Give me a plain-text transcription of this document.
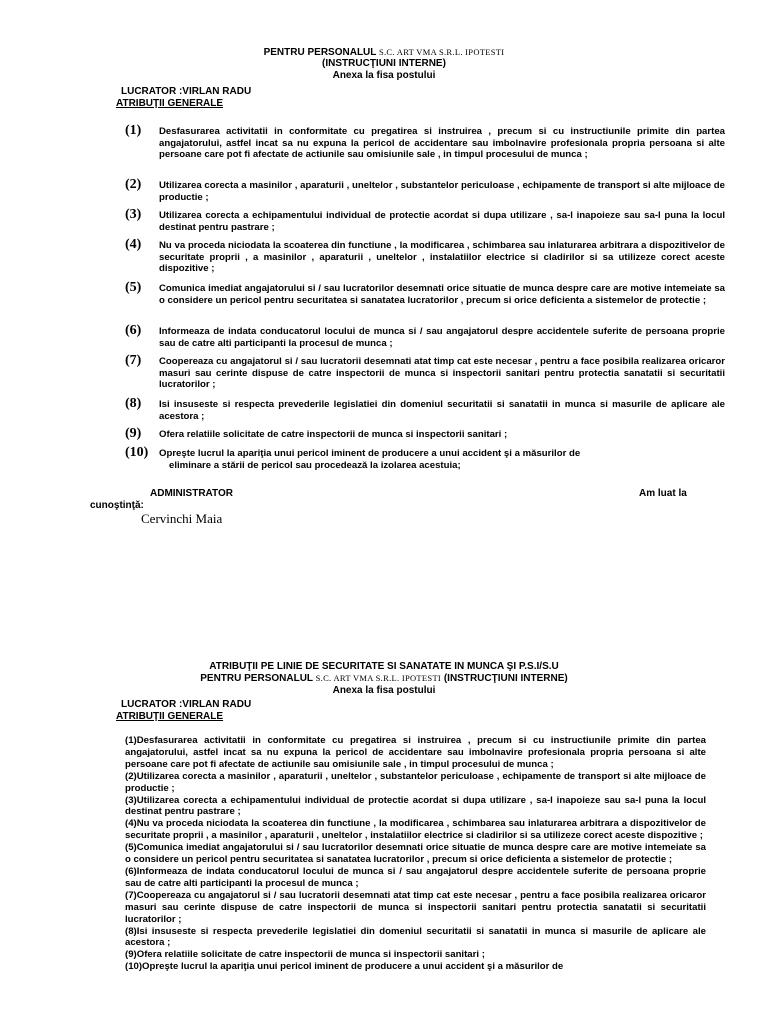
PENTRU PERSONALUL S.C. ART VMA S.R.L. IPOTESTI
(INSTRUCŢIUNI INTERNE)
Anexa la fisa postului
LUCRATOR :VIRLAN RADU
ATRIBUŢII GENERALE
(1)	Desfasurarea activitatii in conformitate cu pregatirea si instruirea , precum si cu instructiunile primite din partea angajatorului, astfel incat sa nu expuna la pericol de accidentare sau imbolnavire profesionala propria persoana si alte persoane care pot fi afectate de actiunile sau omisiunile sale , in timpul procesului de munca ;
(2)	Utilizarea corecta a masinilor , aparaturii , uneltelor , substantelor periculoase , echipamente de transport si alte mijloace de productie ;
(3)	Utilizarea corecta a echipamentului individual de protectie acordat si dupa utilizare , sa-l inapoieze sau sa-l puna la locul destinat pentru pastrare ;
(4)	Nu va proceda niciodata la scoaterea din functiune , la modificarea , schimbarea sau inlaturarea arbitrara a dispozitivelor de securitate proprii , a masinilor , aparaturii , uneltelor , instalatiilor electrice si cladirilor si sa utilizeze corect aceste dispozitive ;
(5)	Comunica imediat angajatorului si / sau lucratorilor desemnati orice situatie de munca despre care are motive intemeiate sa o considere un pericol pentru securitatea si sanatatea lucratorilor , precum si orice deficienta a sistemelor de protectie ;
(6)	Informeaza de indata conducatorul locului de munca si / sau angajatorul despre accidentele suferite de persoana proprie sau de catre alti participanti la procesul de munca ;
(7)	Coopereaza cu angajatorul si / sau lucratorii desemnati atat timp cat este necesar , pentru a face posibila realizarea oricaror masuri sau cerinte dispuse de catre inspectorii de munca si inspectorii sanitari pentru protectia sanatatii si securitatii lucratorilor ;
(8)	Isi insuseste si respecta prevederile legislatiei din domeniul securitatii si sanatatii in munca si masurile de aplicare ale acestora ;
(9)	Ofera relatiile solicitate de catre inspectorii de munca si inspectorii sanitari ;
(10)	Opreşte lucrul la apariţia unui pericol iminent de producere a unui accident şi a măsurilor de
eliminare a stării de pericol sau procedează la izolarea acestuia;
ADMINISTRATOR	Am luat la
cunoştinţă:
Cervinchi Maia
ATRIBUŢII PE LINIE DE SECURITATE SI SANATATE IN MUNCA ŞI P.S.I/S.U
PENTRU PERSONALUL S.C. ART VMA S.R.L. IPOTESTI (INSTRUCŢIUNI INTERNE)
Anexa la fisa postului
LUCRATOR :VIRLAN RADU
ATRIBUŢII GENERALE

(1)Desfasurarea activitatii in conformitate cu pregatirea si instruirea , precum si cu instructiunile primite din partea angajatorului, astfel incat sa nu expuna la pericol de accidentare sau imbolnavire profesionala propria persoana si alte persoane care pot fi afectate de actiunile sau omisiunile sale , in timpul procesului de munca ;

(2)Utilizarea corecta a masinilor , aparaturii , uneltelor , substantelor periculoase , echipamente de transport si alte mijloace de productie ;

(3)Utilizarea corecta a echipamentului individual de protectie acordat si dupa utilizare , sa-l inapoieze sau sa-l puna la locul destinat pentru pastrare ;

(4)Nu va proceda niciodata la scoaterea din functiune , la modificarea , schimbarea sau inlaturarea arbitrara a dispozitivelor de securitate proprii , a masinilor , aparaturii , uneltelor , instalatiilor electrice si cladirilor si sa utilizeze corect aceste dispozitive ;

(5)Comunica imediat angajatorului si / sau lucratorilor desemnati orice situatie de munca despre care are motive intemeiate sa o considere un pericol pentru securitatea si sanatatea lucratorilor , precum si orice deficienta a sistemelor de protectie ;

(6)Informeaza de indata conducatorul locului de munca si / sau angajatorul despre accidentele suferite de persoana proprie sau de catre alti participanti la procesul de munca ;

(7)Coopereaza cu angajatorul si / sau lucratorii desemnati atat timp cat este necesar , pentru a face posibila realizarea oricaror masuri sau cerinte dispuse de catre inspectorii de munca si inspectorii sanitari pentru protectia sanatatii si securitatii lucratorilor ;

(8)Isi insuseste si respecta prevederile legislatiei din domeniul securitatii si sanatatii in munca si masurile de aplicare ale acestora ;

(9)Ofera relatiile solicitate de catre inspectorii de munca si inspectorii sanitari ;

(10)Opreşte lucrul la apariţia unui pericol iminent de producere a unui accident şi a măsurilor de
